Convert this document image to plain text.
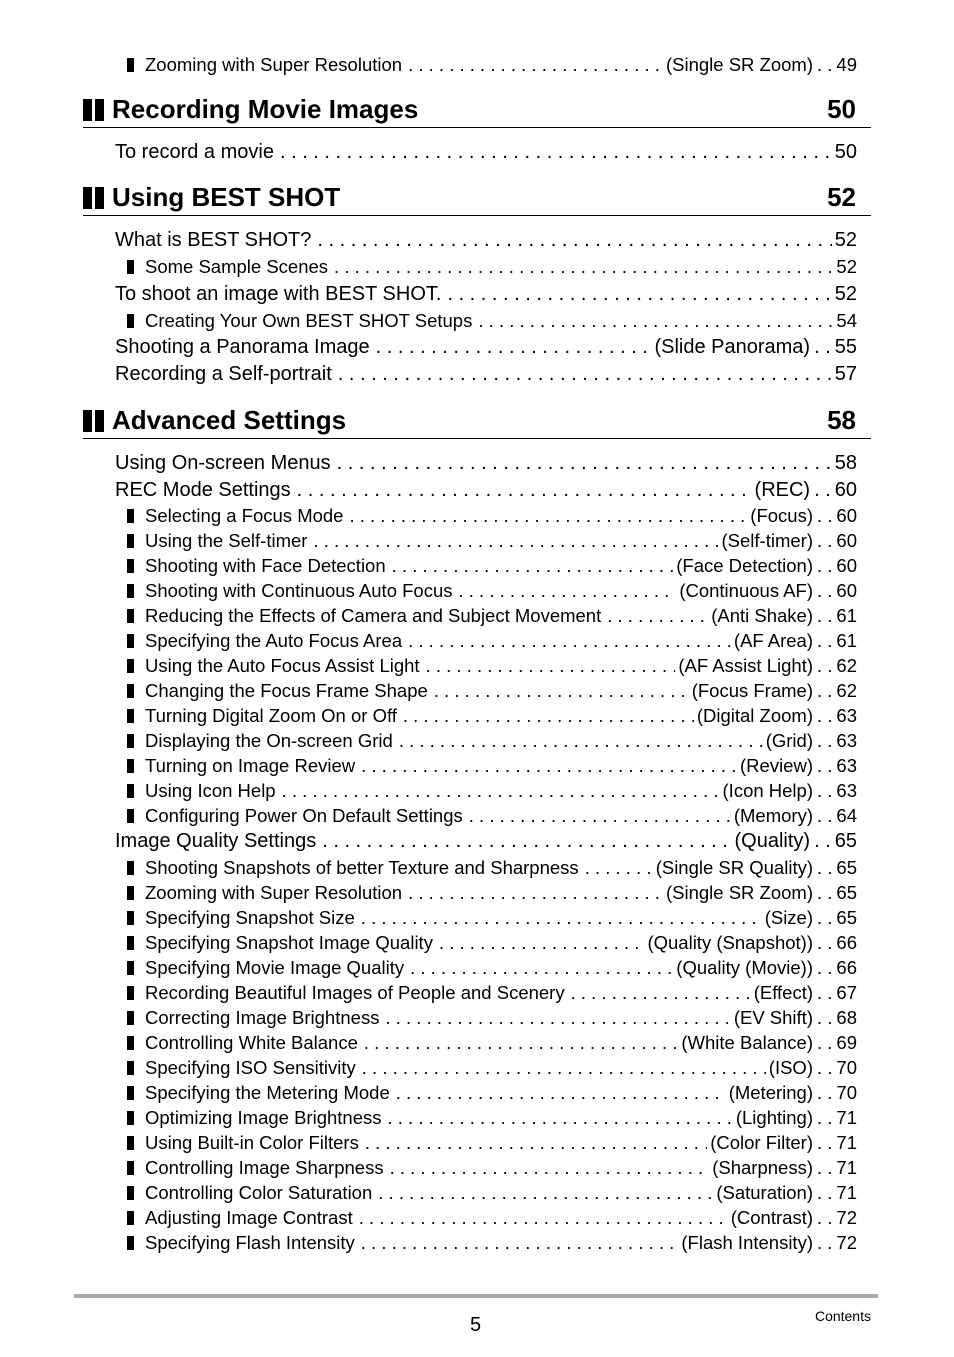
Zooming with Super Resolution . . .	(Single SR Zoom) . . 49
Recording Movie Images	50
To record a movie . . .	50
Using BEST SHOT	52
What is BEST SHOT? . . .	52
Some Sample Scenes . . .	52
To shoot an image with BEST SHOT. . . .	52
Creating Your Own BEST SHOT Setups . . .	54
Shooting a Panorama Image . . .	(Slide Panorama) . . 55
Recording a Self-portrait . . .	57
Advanced Settings	58
Using On-screen Menus . . .	58
REC Mode Settings . . .	(REC) . . 60
Selecting a Focus Mode . . .	(Focus) . . 60
Using the Self-timer . . .	(Self-timer) . . 60
Shooting with Face Detection . . .	(Face Detection) . . 60
Shooting with Continuous Auto Focus . . .	(Continuous AF) . . 60
Reducing the Effects of Camera and Subject Movement . . .	(Anti Shake) . . 61
Specifying the Auto Focus Area . . .	(AF Area) . . 61
Using the Auto Focus Assist Light . . .	(AF Assist Light) . . 62
Changing the Focus Frame Shape . . .	(Focus Frame) . . 62
Turning Digital Zoom On or Off . . .	(Digital Zoom) . . 63
Displaying the On-screen Grid . . .	(Grid) . . 63
Turning on Image Review . . .	(Review) . . 63
Using Icon Help . . .	(Icon Help) . . 63
Configuring Power On Default Settings . . .	(Memory) . . 64
Image Quality Settings . . .	(Quality) . . 65
Shooting Snapshots of better Texture and Sharpness . . .	(Single SR Quality) . . 65
Zooming with Super Resolution . . .	(Single SR Zoom) . . 65
Specifying Snapshot Size . . .	(Size) . . 65
Specifying Snapshot Image Quality . . .	(Quality (Snapshot)) . . 66
Specifying Movie Image Quality . . .	(Quality (Movie)) . . 66
Recording Beautiful Images of People and Scenery . . .	(Effect) . . 67
Correcting Image Brightness . . .	(EV Shift) . . 68
Controlling White Balance . . .	(White Balance) . . 69
Specifying ISO Sensitivity . . .	(ISO) . . 70
Specifying the Metering Mode . . .	(Metering) . . 70
Optimizing Image Brightness . . .	(Lighting) . . 71
Using Built-in Color Filters . . .	(Color Filter) . . 71
Controlling Image Sharpness . . .	(Sharpness) . . 71
Controlling Color Saturation . . .	(Saturation) . . 71
Adjusting Image Contrast . . .	(Contrast) . . 72
Specifying Flash Intensity . . .	(Flash Intensity) . . 72
5	Contents
